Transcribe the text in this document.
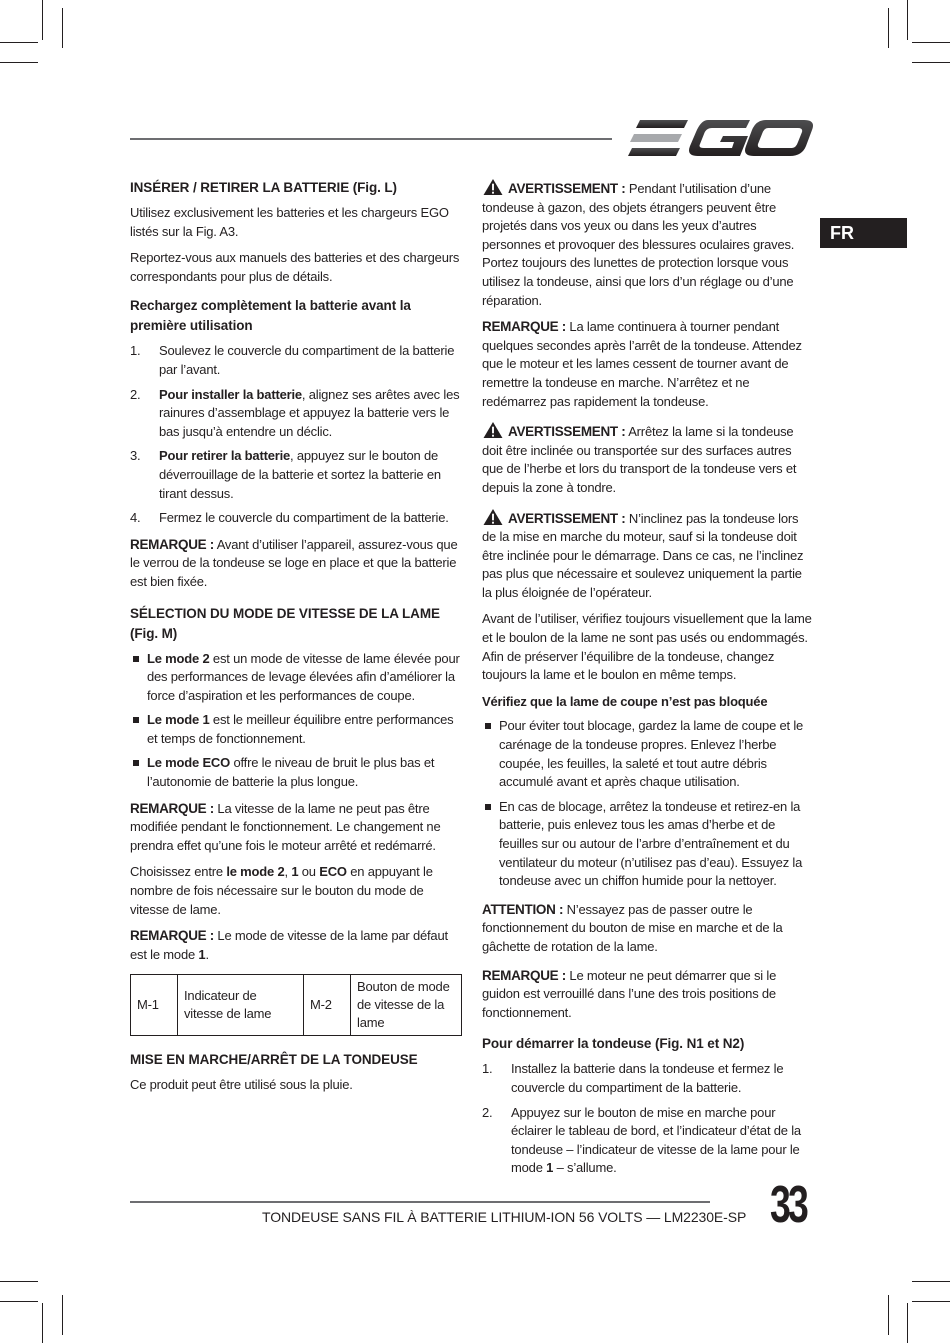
FR
INSÉRER / RETIRER LA BATTERIE (Fig. L)

Utilisez exclusivement les batteries et les chargeurs EGO listés sur la Fig. A3.

Reportez-vous aux manuels des batteries et des chargeurs correspondants pour plus de détails.

Rechargez complètement la batterie avant la première utilisation
1. Soulevez le couvercle du compartiment de la batterie par l’avant.
2. Pour installer la batterie, alignez ses arêtes avec les rainures d’assemblage et appuyez la batterie vers le bas jusqu’à entendre un déclic.
3. Pour retirer la batterie, appuyez sur le bouton de déverrouillage de la batterie et sortez la batterie en tirant dessus.
4. Fermez le couvercle du compartiment de la batterie.

REMARQUE : Avant d’utiliser l’appareil, assurez-vous que le verrou de la tondeuse se loge en place et que la batterie est bien fixée.

SÉLECTION DU MODE DE VITESSE DE LA LAME (Fig. M)
Le mode 2 est un mode de vitesse de lame élevée pour des performances de levage élevées afin d’améliorer la force d’aspiration et les performances de coupe.
Le mode 1 est le meilleur équilibre entre performances et temps de fonctionnement.
Le mode ECO offre le niveau de bruit le plus bas et l’autonomie de batterie la plus longue.

REMARQUE : La vitesse de la lame ne peut pas être modifiée pendant le fonctionnement. Le changement ne prendra effet qu’une fois le moteur arrêté et redémarré.

Choisissez entre le mode 2, 1 ou ECO en appuyant le nombre de fois nécessaire sur le bouton du mode de vitesse de lame.

REMARQUE : Le mode de vitesse de la lame par défaut est le mode 1.

M-1	Indicateur de vitesse de lame	M-2	Bouton de mode de vitesse de la lame
MISE EN MARCHE/ARRÊT DE LA TONDEUSE

Ce produit peut être utilisé sous la pluie.

AVERTISSEMENT : Pendant l’utilisation d’une tondeuse à gazon, des objets étrangers peuvent être projetés dans vos yeux ou dans les yeux d’autres personnes et provoquer des blessures oculaires graves. Portez toujours des lunettes de protection lorsque vous utilisez la tondeuse, ainsi que lors d’un réglage ou d’une réparation.

REMARQUE : La lame continuera à tourner pendant quelques secondes après l’arrêt de la tondeuse. Attendez que le moteur et les lames cessent de tourner avant de remettre la tondeuse en marche. N’arrêtez et ne redémarrez pas rapidement la tondeuse.

AVERTISSEMENT : Arrêtez la lame si la tondeuse doit être inclinée ou transportée sur des surfaces autres que de l’herbe et lors du transport de la tondeuse vers et depuis la zone à tondre.

AVERTISSEMENT : N’inclinez pas la tondeuse lors de la mise en marche du moteur, sauf si la tondeuse doit être inclinée pour le démarrage. Dans ce cas, ne l’inclinez pas plus que nécessaire et soulevez uniquement la partie la plus éloignée de l’opérateur.

Avant de l’utiliser, vérifiez toujours visuellement que la lame et le boulon de la lame ne sont pas usés ou endommagés. Afin de préserver l’équilibre de la tondeuse, changez toujours la lame et le boulon en même temps.

Vérifiez que la lame de coupe n’est pas bloquée

Pour éviter tout blocage, gardez la lame de coupe et le carénage de la tondeuse propres. Enlevez l’herbe coupée, les feuilles, la saleté et tout autre débris accumulé avant et après chaque utilisation.
En cas de blocage, arrêtez la tondeuse et retirez-en la batterie, puis enlevez tous les amas d’herbe et de feuilles sur ou autour de l’arbre d’entraînement et du ventilateur du moteur (n’utilisez pas d’eau). Essuyez la tondeuse avec un chiffon humide pour la nettoyer.

ATTENTION : N’essayez pas de passer outre le fonctionnement du bouton de mise en marche et de la gâchette de rotation de la lame.

REMARQUE : Le moteur ne peut démarrer que si le guidon est verrouillé dans l’une des trois positions de fonctionnement.

Pour démarrer la tondeuse (Fig. N1 et N2)
1. Installez la batterie dans la tondeuse et fermez le couvercle du compartiment de la batterie.
2. Appuyez sur le bouton de mise en marche pour éclairer le tableau de bord, et l’indicateur d’état de la tondeuse – l’indicateur de vitesse de la lame pour le mode 1 – s’allume.
TONDEUSE SANS FIL À BATTERIE LITHIUM-ION 56 VOLTS — LM2230E-SP 33
